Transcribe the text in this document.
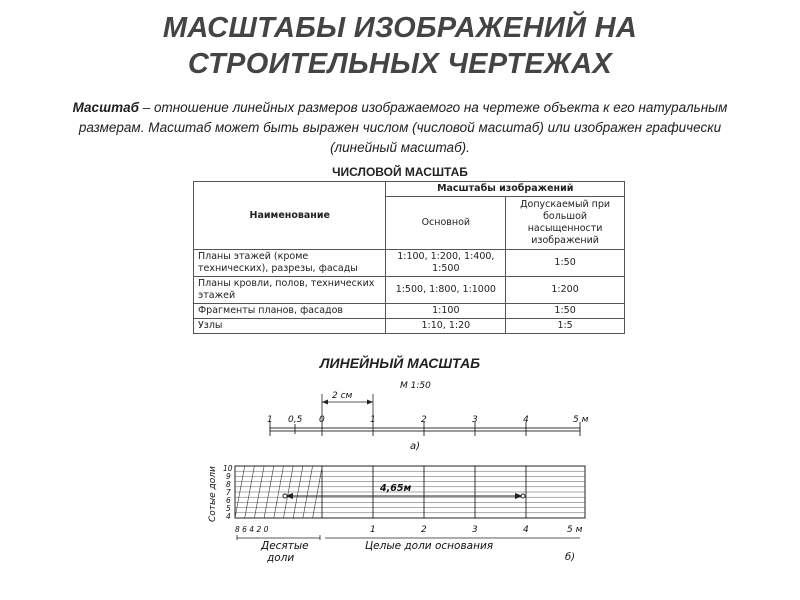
МАСШТАБЫ ИЗОБРАЖЕНИЙ НА
СТРОИТЕЛЬНЫХ ЧЕРТЕЖАХ

Масштаб – отношение линейных размеров изображаемого на чертеже объекта к его натуральным размерам. Масштаб может быть выражен числом (числовой масштаб) или изображен графически (линейный масштаб).

ЧИСЛОВОЙ МАСШТАБ
Наименование	Масштабы изображений	
	Основной	Допускаемый при большой насыщенности изображений
Планы этажей (кроме технических), разрезы, фасады	1:100, 1:200, 1:400, 1:500	1:50
Планы кровли, полов, технических этажей	1:500, 1:800, 1:1000	1:200
Фрагменты планов, фасадов	1:100	1:50
Узлы	1:10, 1:20	1:5
ЛИНЕЙНЫЙ МАСШТАБ
М 1:50
2 см
1 0,5 0	1	2	3	4	5 м
а)
10
9
8
7
6
5
4
Сотые доли	4,65м
8 6 4 2 0	1	2	3	4	5 м
Десятые
доли
Целые доли основания
б)
